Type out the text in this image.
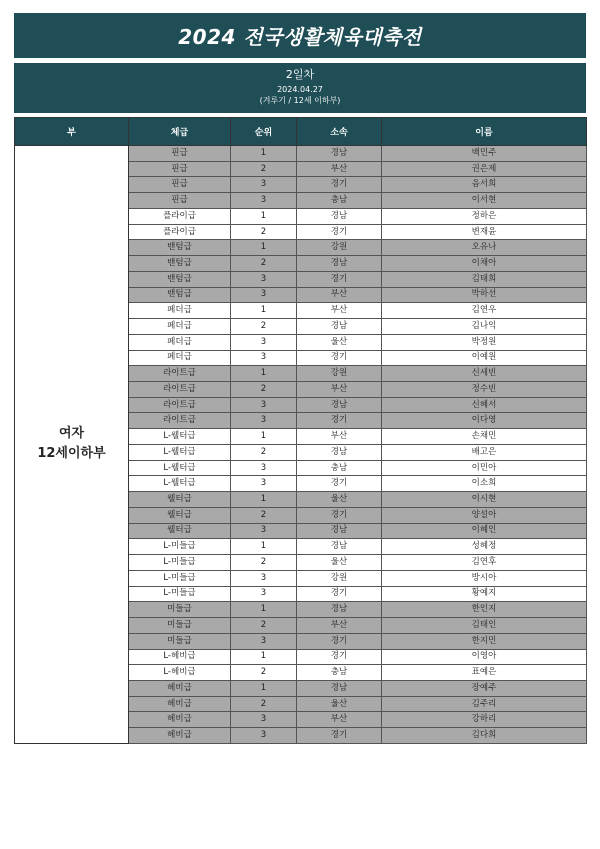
2024 전국생활체육대축전
2일차
2024.04.27
(겨루기 / 12세 이하부)
부	체급	순위	소속	이름

여자
12세이하부	핀급	1	경남	백민주
	핀급	2	부산	권은제
	핀급	3	경기	음서희
	핀급	3	충남	이서현
	플라이급	1	경남	정하은
	플라이급	2	경기	변재윤
	밴텀급	1	강원	오유나
	밴텀급	2	경남	이채아
	밴텀급	3	경기	김태희
	밴텀급	3	부산	박하선
	페더급	1	부산	김연우
	페더급	2	경남	김나익
	페더급	3	울산	박정원
	페더급	3	경기	이예원
	라이트급	1	강원	신세빈
	라이트급	2	부산	정수빈
	라이트급	3	경남	신혜서
	라이트급	3	경기	이다영
	L-웰터급	1	부산	손채민
	L-웰터급	2	경남	배고은
	L-웰터급	3	충남	이민아
	L-웰터급	3	경기	이소희
	웰터급	1	울산	이시현
	웰터급	2	경기	양설아
	웰터급	3	경남	이혜인
	L-미들급	1	경남	성혜정
	L-미들급	2	울산	김연후
	L-미들급	3	강원	방시아
	L-미들급	3	경기	황예지
	미들급	1	경남	한인지
	미들급	2	부산	김태인
	미들급	3	경기	한지민
	L-헤비급	1	경기	이영아
	L-헤비급	2	충남	표예은
	헤비급	1	경남	장예주
	헤비급	2	울산	김주리
	헤비급	3	부산	강하리
	헤비급	3	경기	김다희
